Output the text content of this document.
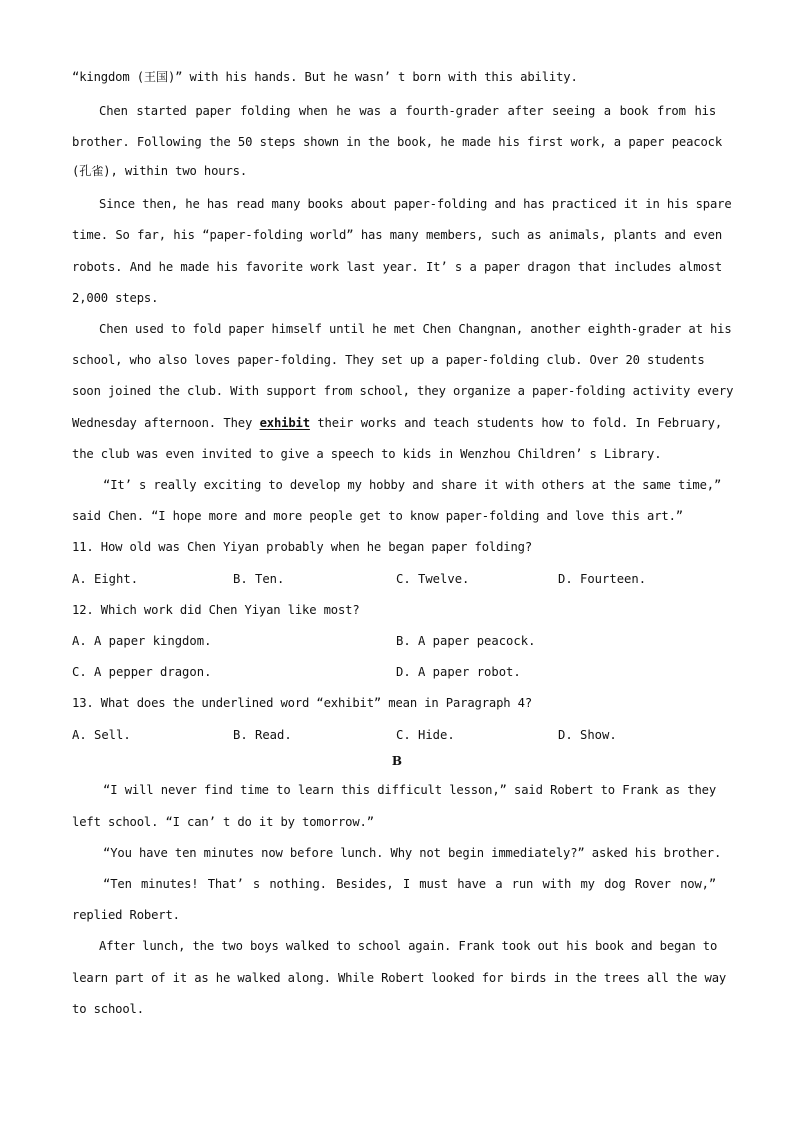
“kingdom (王国)” with his hands. But he wasn’ t born with this ability.
Chen started paper folding when he was a fourth-grader after seeing a book from his
brother. Following the 50 steps shown in the book, he made his first work, a paper peacock
(孔雀), within two hours.
Since then, he has read many books about paper-folding and has practiced it in his spare
time. So far, his “paper-folding world” has many members, such as animals, plants and even
robots. And he made his favorite work last year. It’ s a paper dragon that includes almost
2,000 steps.
Chen used to fold paper himself until he met Chen Changnan, another eighth-grader at his
school, who also loves paper-folding. They set up a paper-folding club. Over 20 students
soon joined the club. With support from school, they organize a paper-folding activity every
Wednesday afternoon. They exhibit their works and teach students how to fold. In February,
the club was even invited to give a speech to kids in Wenzhou Children’ s Library.
“It’ s really exciting to develop my hobby and share it with others at the same time,”
said Chen. “I hope more and more people get to know paper-folding and love this art.”
11. How old was Chen Yiyan probably when he began paper folding?
A. Eight.	B. Ten.	C. Twelve.	D. Fourteen.
12. Which work did Chen Yiyan like most?
A. A paper kingdom.	B. A paper peacock.
C. A pepper dragon.	D. A paper robot.
13. What does the underlined word “exhibit” mean in Paragraph 4?
A. Sell.	B. Read.	C. Hide.	D. Show.
B
“I will never find time to learn this difficult lesson,” said Robert to Frank as they
left school. “I can’ t do it by tomorrow.”
“You have ten minutes now before lunch. Why not begin immediately?” asked his brother.
“Ten minutes! That’ s nothing. Besides, I must have a run with my dog Rover now,”
replied Robert.
After lunch, the two boys walked to school again. Frank took out his book and began to
learn part of it as he walked along. While Robert looked for birds in the trees all the way
to school.
